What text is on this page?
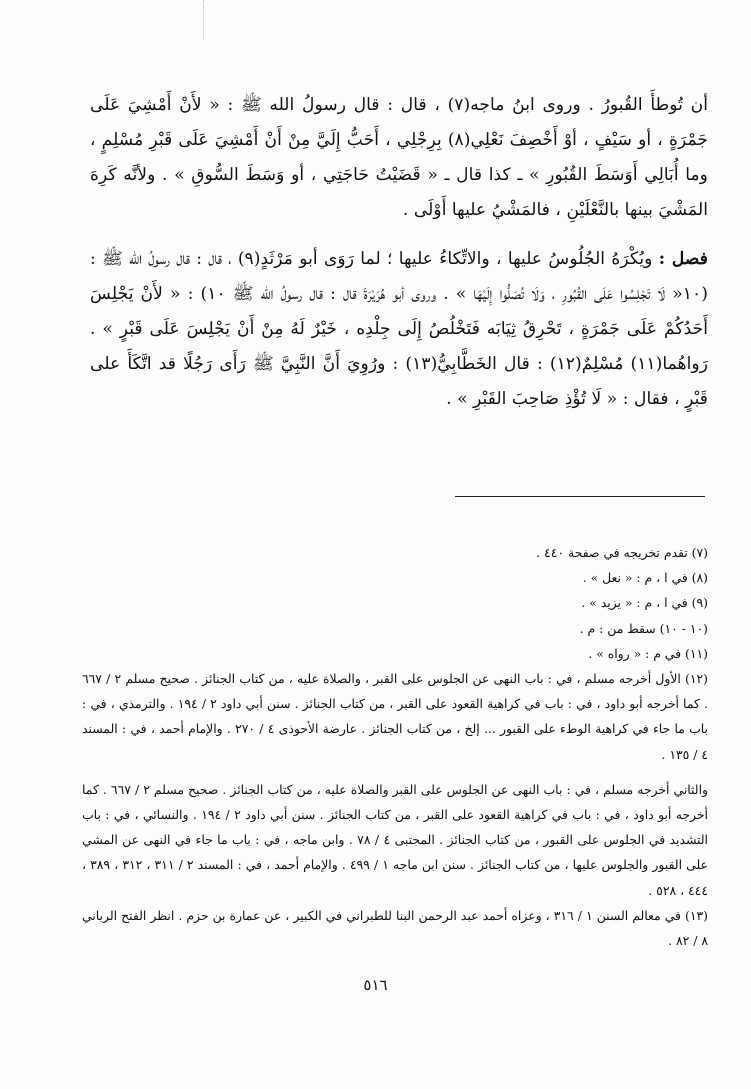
أن تُوطأَ القُبورُ . وروى ابنُ ماجه(٧) ، قال : قال رسولُ الله ﷺ : « لأَنْ أَمْشِيَ عَلَى جَمْرَةٍ ، أو سَيْفٍ ، أوْ أَخْصِفَ نَعْلِي(٨) بِرِجْلِي ، أَحَبُّ إِلَيَّ مِنْ أَنْ أَمْشِيَ عَلَى قَبْرِ مُسْلِمٍ ، وما أُبَالِي أَوَسَطَ القُبُورِ » ـ كذا قال ـ « قَضَيْتُ حَاجَتِي ، أو وَسَطَ السُّوقِ » . ولأنَّه كَرِهَ المَشْيَ بينها بالنَّعْلَيْنِ ، فالمَشْيُ عليها أَوْلَى .

فصل : ويُكْرَهُ الجُلُوسُ عليها ، والاتِّكاءُ عليها ؛ لما رَوَى أبو مَرْثَدٍ(٩) ، قال : قال رسولُ الله ﷺ : (١٠« لَا تَجْلِسُوا عَلَى القُبُورِ ، وَلَا تُصَلُّوا إِلَيْهَا » . وروى أبو هُرَيْرَةَ قال : قال رسولُ الله ﷺ ١٠) : « لأَنْ يَجْلِسَ أَحَدُكُمْ عَلَى جَمْرَةٍ ، تَحْرِقُ ثِيَابَه فَتَخْلُصُ إِلَى جِلْدِه ، خَيْرٌ لَهُ مِنْ أَنْ يَجْلِسَ عَلَى قَبْرٍ » . رَواهُما(١١) مُسْلِمٌ(١٢) : قال الخَطَّابِيُّ(١٣) : ورُوِيَ أَنَّ النَّبِيَّ ﷺ رَأَى رَجُلًا قد اتَّكَأَ على قَبْرٍ ، فقال : « لَا تُؤْذِ صَاحِبَ القَبْرِ » .

(٧) تقدم تخريجه في صفحة ٤٤٠ .

(٨) في ا ، م : « نعل » .

(٩) في ا ، م : « يزيد » .

(١٠ - ١٠) سقط من : م .

(١١) في م : « رواه » .

(١٢) الأول أخرجه مسلم ، في : باب النهى عن الجلوس على القبر ، والصلاة عليه ، من كتاب الجنائز . صحيح مسلم ٢ / ٦٦٧ . كما أخرجه أبو داود ، في : باب في كراهية القعود على القبر ، من كتاب الجنائز . سنن أبي داود ٢ / ١٩٤ . والترمذي ، في : باب ما جاء في كراهية الوطء على القبور ... إلخ ، من كتاب الجنائز . عارضة الأحوذى ٤ / ٢٧٠ . والإمام أحمد ، في : المسند ٤ / ١٣٥ .

والثاني أخرجه مسلم ، في : باب النهى عن الجلوس على القبر والصلاة عليه ، من كتاب الجنائز . صحيح مسلم ٢ / ٦٦٧ . كما أخرجه أبو داود ، في : باب في كراهية القعود على القبر ، من كتاب الجنائز . سنن أبي داود ٢ / ١٩٤ . والنسائي ، في : باب التشديد في الجلوس على القبور ، من كتاب الجنائز . المجتبى ٤ / ٧٨ . وابن ماجه ، في : باب ما جاء في النهى عن المشي على القبور والجلوس عليها ، من كتاب الجنائز . سنن ابن ماجه ١ / ٤٩٩ . والإمام أحمد ، في : المسند ٢ / ٣١١ ، ٣١٢ ، ٣٨٩ ، ٤٤٤ ، ٥٢٨ .

(١٣) في معالم السنن ١ / ٣١٦ ، وعزاه أحمد عبد الرحمن البنا للطبراني في الكبير ، عن عمارة بن حزم . انظر الفتح الرباني ٨ / ٨٢ .

٥١٦
